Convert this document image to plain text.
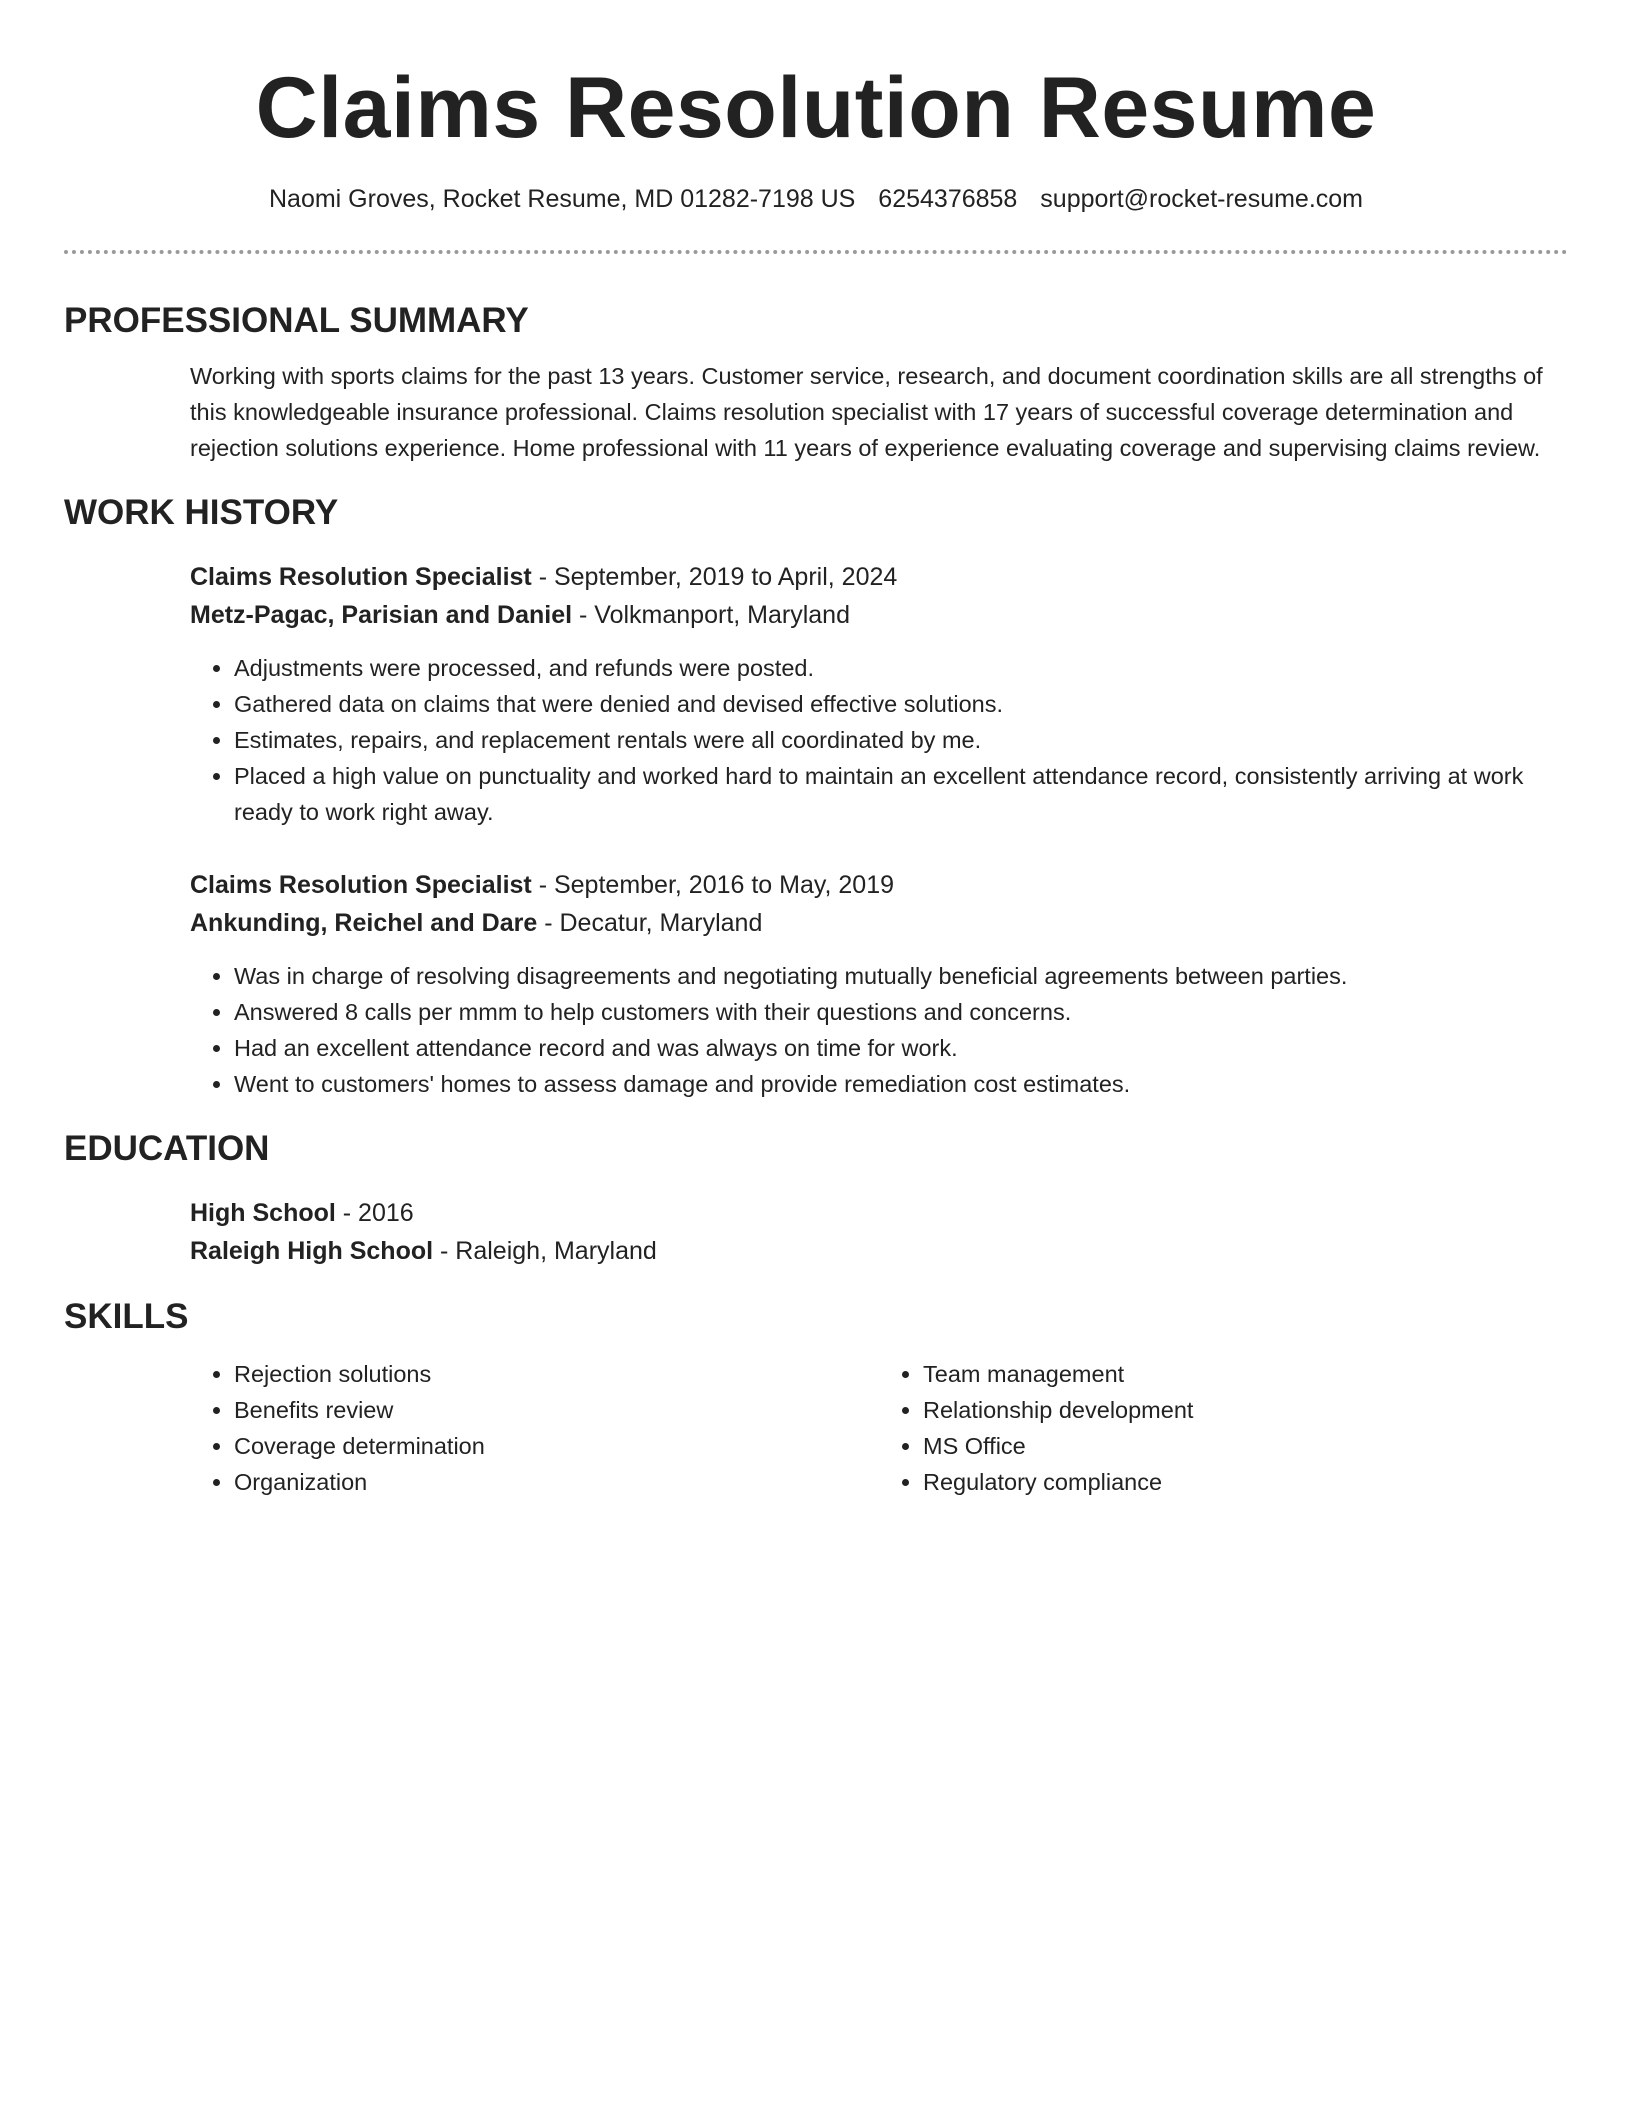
Claims Resolution Resume
Naomi Groves, Rocket Resume, MD 01282-7198 US 6254376858 support@rocket-resume.com
PROFESSIONAL SUMMARY

Working with sports claims for the past 13 years. Customer service, research, and document coordination skills are all strengths of this knowledgeable insurance professional. Claims resolution specialist with 17 years of successful coverage determination and rejection solutions experience. Home professional with 11 years of experience evaluating coverage and supervising claims review.

WORK HISTORY
Claims Resolution Specialist - September, 2019 to April, 2024
Metz-Pagac, Parisian and Daniel - Volkmanport, Maryland
• Adjustments were processed, and refunds were posted.
• Gathered data on claims that were denied and devised effective solutions.
• Estimates, repairs, and replacement rentals were all coordinated by me.
• Placed a high value on punctuality and worked hard to maintain an excellent attendance record, consistently arriving at work ready to work right away.
Claims Resolution Specialist - September, 2016 to May, 2019
Ankunding, Reichel and Dare - Decatur, Maryland
• Was in charge of resolving disagreements and negotiating mutually beneficial agreements between parties.
• Answered 8 calls per mmm to help customers with their questions and concerns.
• Had an excellent attendance record and was always on time for work.
• Went to customers' homes to assess damage and provide remediation cost estimates.
EDUCATION
High School - 2016
Raleigh High School - Raleigh, Maryland
SKILLS
• Rejection solutions
• Benefits review
• Coverage determination
• Organization
• Team management
• Relationship development
• MS Office
• Regulatory compliance
